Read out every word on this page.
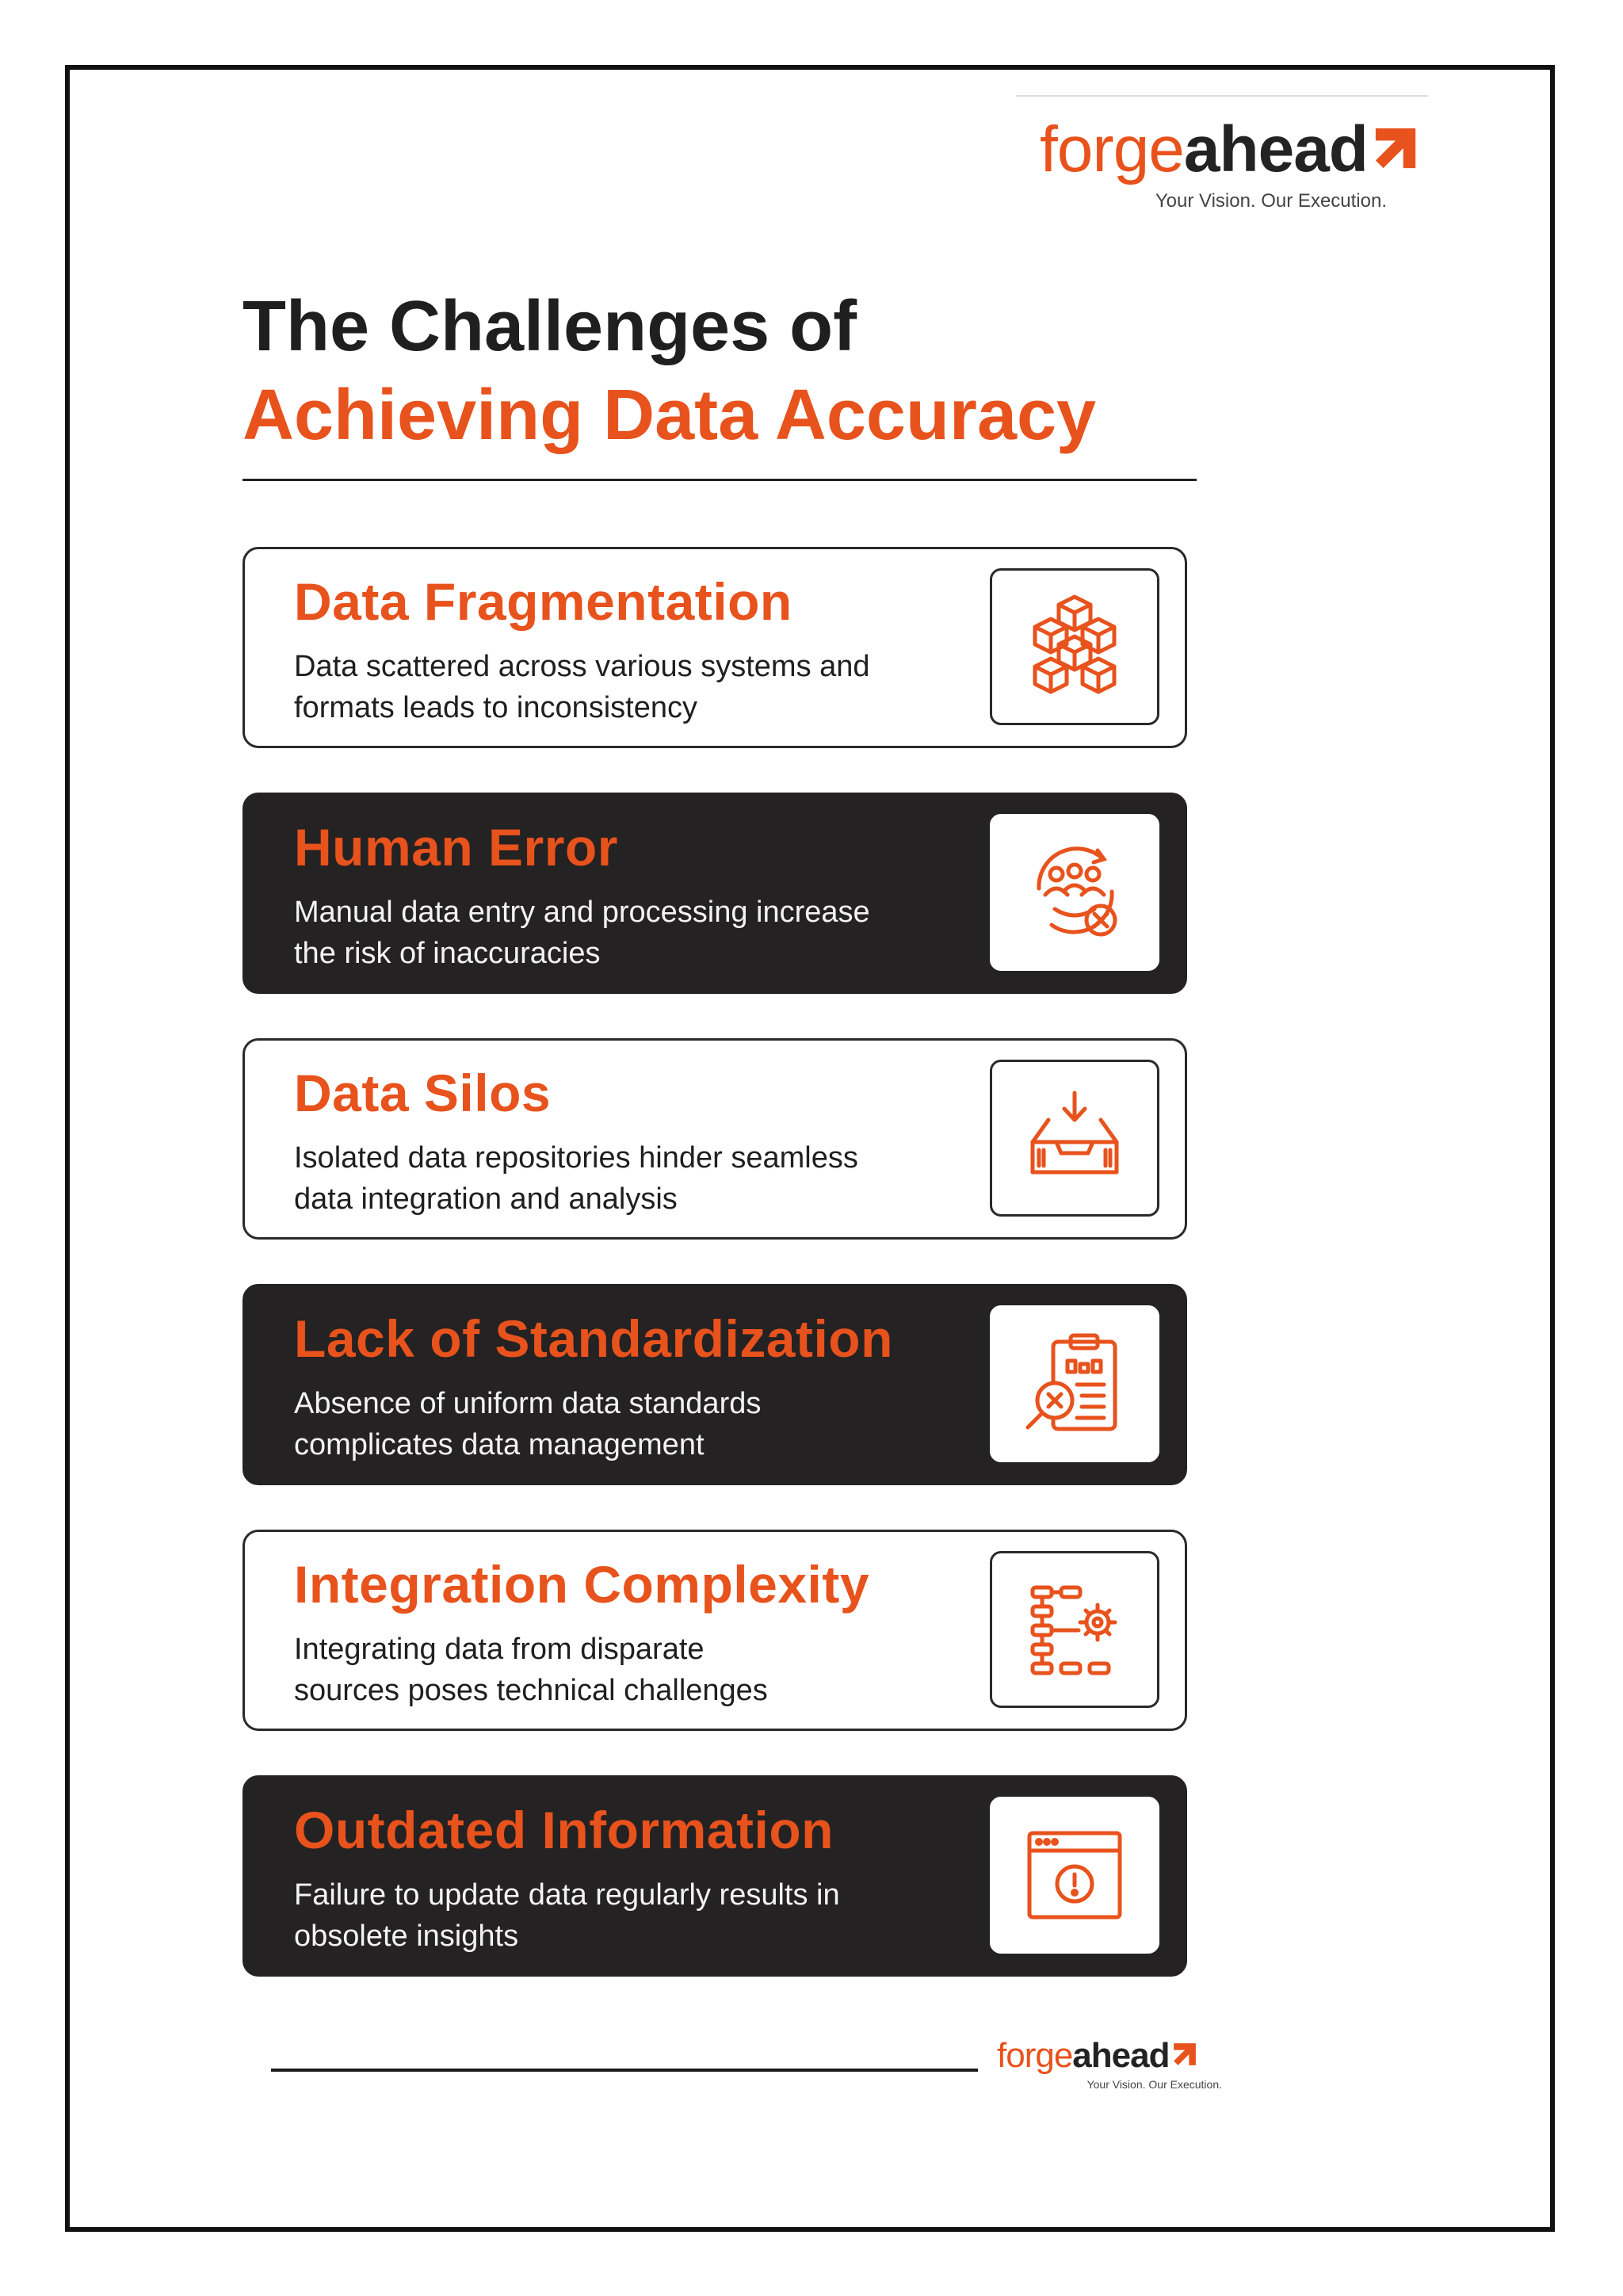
forgeahead
Your Vision. Our Execution.
The Challenges of
Achieving Data Accuracy
Data Fragmentation
Data scattered across various systems and
formats leads to inconsistency
Human Error
Manual data entry and processing increase
the risk of inaccuracies
Data Silos
Isolated data repositories hinder seamless
data integration and analysis
Lack of Standardization
Absence of uniform data standards
complicates data management
Integration Complexity
Integrating data from disparate
sources poses technical challenges
Outdated Information
Failure to update data regularly results in
obsolete insights
forgeahead
Your Vision. Our Execution.
